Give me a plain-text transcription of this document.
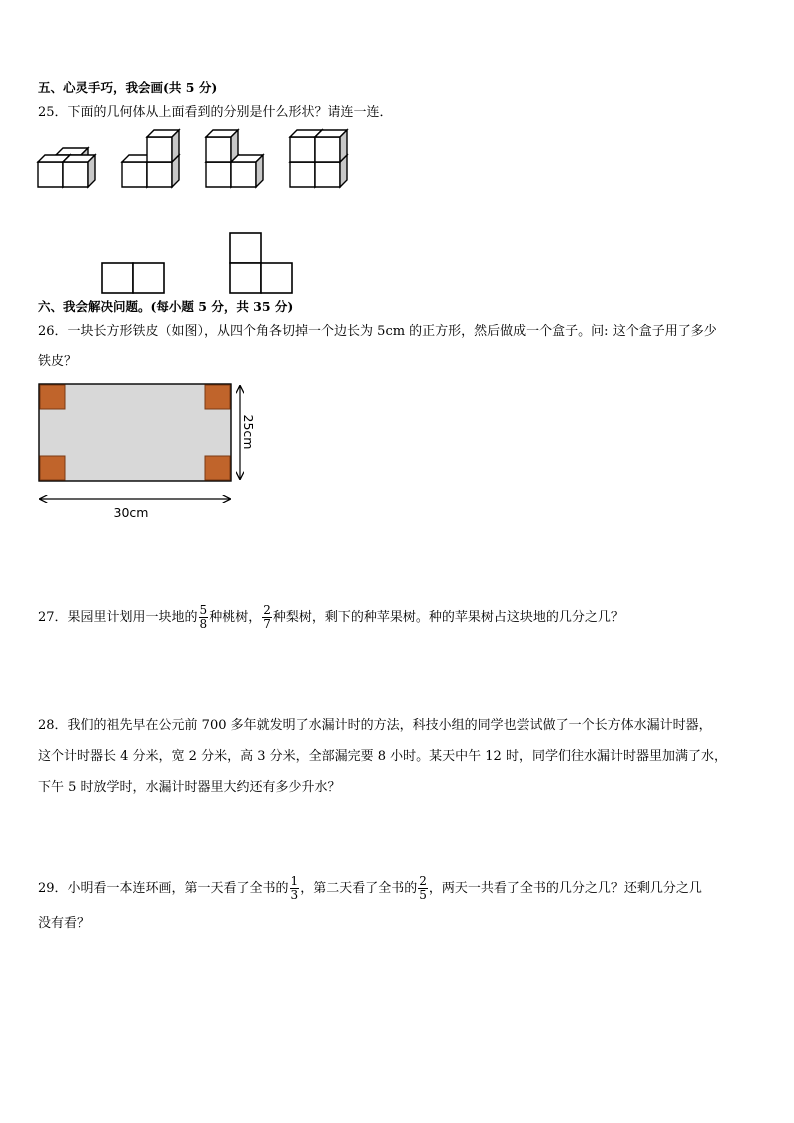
五、心灵手巧，我会画(共 5 分)
25．下面的几何体从上面看到的分别是什么形状？请连一连．
六、我会解决问题。(每小题 5 分，共 35 分)
26．一块长方形铁皮（如图），从四个角各切掉一个边长为 5cm 的正方形，然后做成一个盒子。问: 这个盒子用了多少
铁皮？
25cm
30cm
27．果园里计划用一块地的 $\frac{5}{8}$ 种桃树， $\frac{2}{7}$ 种梨树，剩下的种苹果树。种的苹果树占这块地的几分之几？
28．我们的祖先早在公元前 700 多年就发明了水漏计时的方法，科技小组的同学也尝试做了一个长方体水漏计时器，
这个计时器长 4 分米，宽 2 分米，高 3 分米，全部漏完要 8 小时。某天中午 12 时，同学们往水漏计时器里加满了水，
下午 5 时放学时，水漏计时器里大约还有多少升水？
29．小明看一本连环画，第一天看了全书的 $\frac{1}{3}$ ，第二天看了全书的 $\frac{2}{5}$ ，两天一共看了全书的几分之几？还剩几分之几
没有看？
